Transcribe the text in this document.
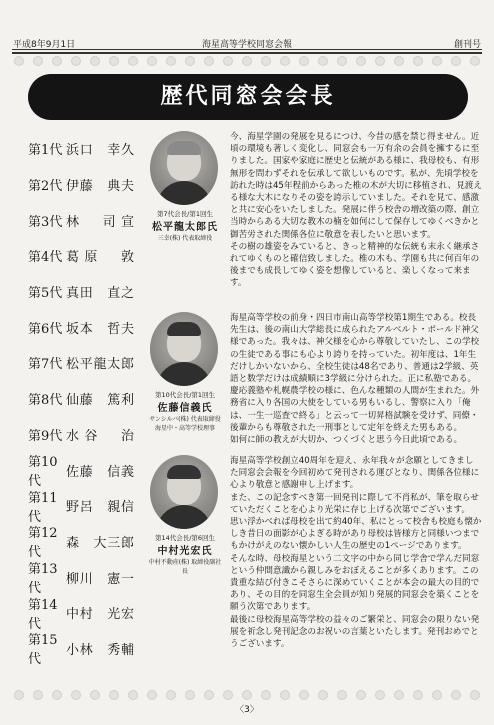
平成8年9月1日	海星高等学校同窓会報	創刊号
歴代同窓会会長
第1代 浜口　幸久
第2代 伊藤　典夫
第3代 林　司宣
第4代 葛原　敦
第5代 真田　直之
第6代 坂本　哲夫
第7代 松平龍太郎
第8代 仙藤　篤利
第9代 水谷　治
第10代
佐藤　信義
第11代
野呂　親信
第12代
森　大三郎
第13代
柳川　憲一
第14代
中村　光宏
第15代
小林　秀輔
第7代会長/第1回生
松平龍太郎氏
三幸(株) 代表取締役

今、海星学園の発展を見るにつけ、今昔の感を禁じ得ません。近頃の環境も著しく変化し、同窓会も一万有余の会員を擁するに至りました。国家や家庭に歴史と伝統がある様に、我母校も、有形無形を問わずそれを伝承して欲しいものです。私が、先頃学校を訪れた時は45年程前からあった椎の木が大切に移植され、見渡える様な大木になりその姿を誇示していました。それを見て、感激と共に安心をいたしました。発展に伴う校舎の増改築の際、創立当時からある大切な教木の楠を如何にして保存してゆくべきかと御苦労された関係各位に敬意を表したいと思います。
その樹の雄姿をみていると、きっと精神的な伝統も末永く継承されてゆくものと確信致しました。椎の木も、学園も共に何百年の後までも成長してゆく姿を想像していると、楽しくなって来ます。

第10代会長/第1回生
佐藤信義氏
サンシルバ(株) 代表取締役
海星中・高等学校理事

海星高等学校の前身・四日市南山高等学校第1期生である。校長先生は、後の南山大学総長に成られたアルベルト・ボールド神父様であった。我々は、神父様を心から尊敬していたし、この学校の生徒である事にも心より誇りを持っていた。初年度は、1年生だけしかいないから、全校生徒は48名であり、普通は2学級、英語と数学だけは成績順に3学級に分けられた。正に私塾である。慶応義塾や札幌農学校の様に、色んな種類の人間が生まれた。外務省に入り各国の大使をしている男もいるし、警察に入り「俺は、一生一巡査で終る」と云って一切昇格試験を受けず、同僚・後輩からも尊敬された一刑事として定年を終えた男もある。
如何に師の教えが大切か、つくづくと思う今日此頃である。

第14代会長/第6回生
中村光宏氏
中村不動産(株) 取締役副社長

海星高等学校創立40周年を迎え、永年我々が念願としてきました同窓会会報を今回初めて発刊される運びとなり、関係各位様に心より敬意と感謝申し上げます。
また、この記念すべき第一回発刊に際して不肖私が、筆を取らせていただくことを心より光栄に存じ上げる次第でございます。
思い浮かべれば母校を出て約40年、私にとって校舎も校庭も懐かしき昔日の面影が心よぎる時があり母校は皆様方と同様いつまでもかけがえのない懐かしい人生の歴史の1ページであります。
そんな時、母校海星という二文字の中から同じ学舎で学んだ同窓という仲間意識から親しみをおぼえることが多くあります。この貴重な結び付きこそさらに深めていくことが本会の最大の目的であり、その目的を同窓生全会員が知り発展的同窓会を築くことを願う次第であります。
最後に母校海星高等学校の益々のご繁栄と、同窓会の限りない発展を祈念し発刊記念のお祝いの言葉といたします。発刊おめでとうございます。

〈3〉
